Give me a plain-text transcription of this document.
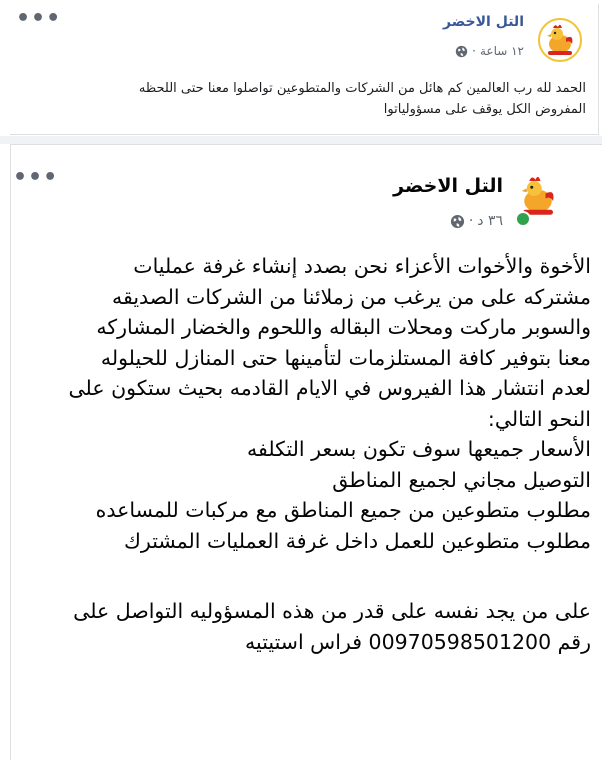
التل الاخضر
١٢ ساعة
·
•••
الحمد لله رب العالمين كم هائل من الشركات والمتطوعين تواصلوا معنا حتى اللحظه
المفروض الكل يوقف على مسؤولياتوا
التل الاخضر
٣٦ د
·
•••

الأخوة والأخوات الأعزاء نحن بصدد إنشاء غرفة عمليات

مشتركه على من يرغب من زملائنا من الشركات الصديقه

والسوبر ماركت ومحلات البقاله واللحوم والخضار المشاركه

معنا بتوفير كافة المستلزمات لتأمينها حتى المنازل للحيلوله

لعدم انتشار هذا الفيروس في الايام القادمه بحيث ستكون على

النحو التالي:

الأسعار جميعها سوف تكون بسعر التكلفه

التوصيل مجاني لجميع المناطق

مطلوب متطوعين من جميع المناطق مع مركبات للمساعده

مطلوب متطوعين للعمل داخل غرفة العمليات المشترك

على من يجد نفسه على قدر من هذه المسؤوليه التواصل على

رقم 00970598501200 فراس استيتيه
